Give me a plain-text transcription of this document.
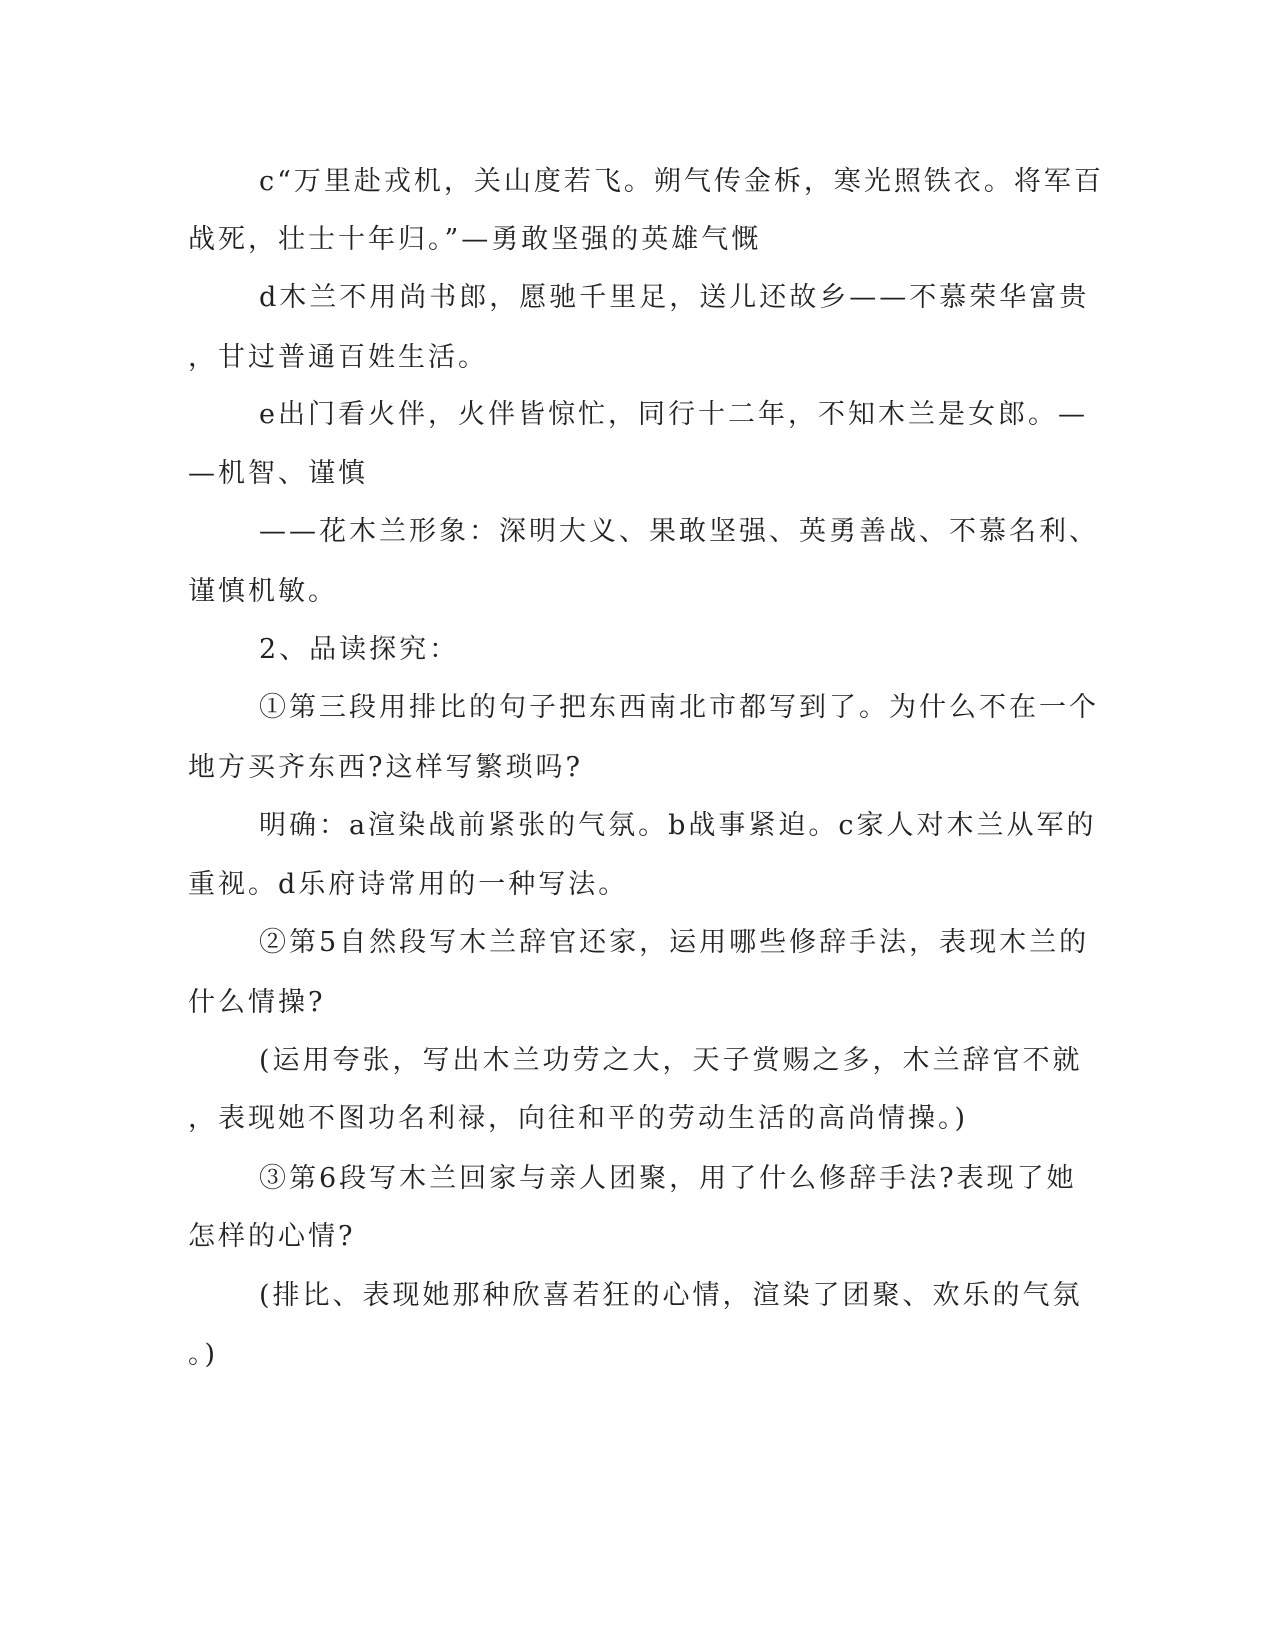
c“万里赴戎机，关山度若飞。朔气传金柝，寒光照铁衣。将军百
战死，壮士十年归。”—勇敢坚强的英雄气慨
d木兰不用尚书郎，愿驰千里足，送儿还故乡——不慕荣华富贵
，甘过普通百姓生活。
e出门看火伴，火伴皆惊忙，同行十二年，不知木兰是女郎。—
—机智、谨慎
——花木兰形象：深明大义、果敢坚强、英勇善战、不慕名利、
谨慎机敏。
2、品读探究：
①第三段用排比的句子把东西南北市都写到了。为什么不在一个
地方买齐东西?这样写繁琐吗?
明确：a渲染战前紧张的气氛。b战事紧迫。c家人对木兰从军的
重视。d乐府诗常用的一种写法。
②第5自然段写木兰辞官还家，运用哪些修辞手法，表现木兰的
什么情操?
(运用夸张，写出木兰功劳之大，天子赏赐之多，木兰辞官不就
，表现她不图功名利禄，向往和平的劳动生活的高尚情操。)
③第6段写木兰回家与亲人团聚，用了什么修辞手法?表现了她
怎样的心情?
(排比、表现她那种欣喜若狂的心情，渲染了团聚、欢乐的气氛
。)
